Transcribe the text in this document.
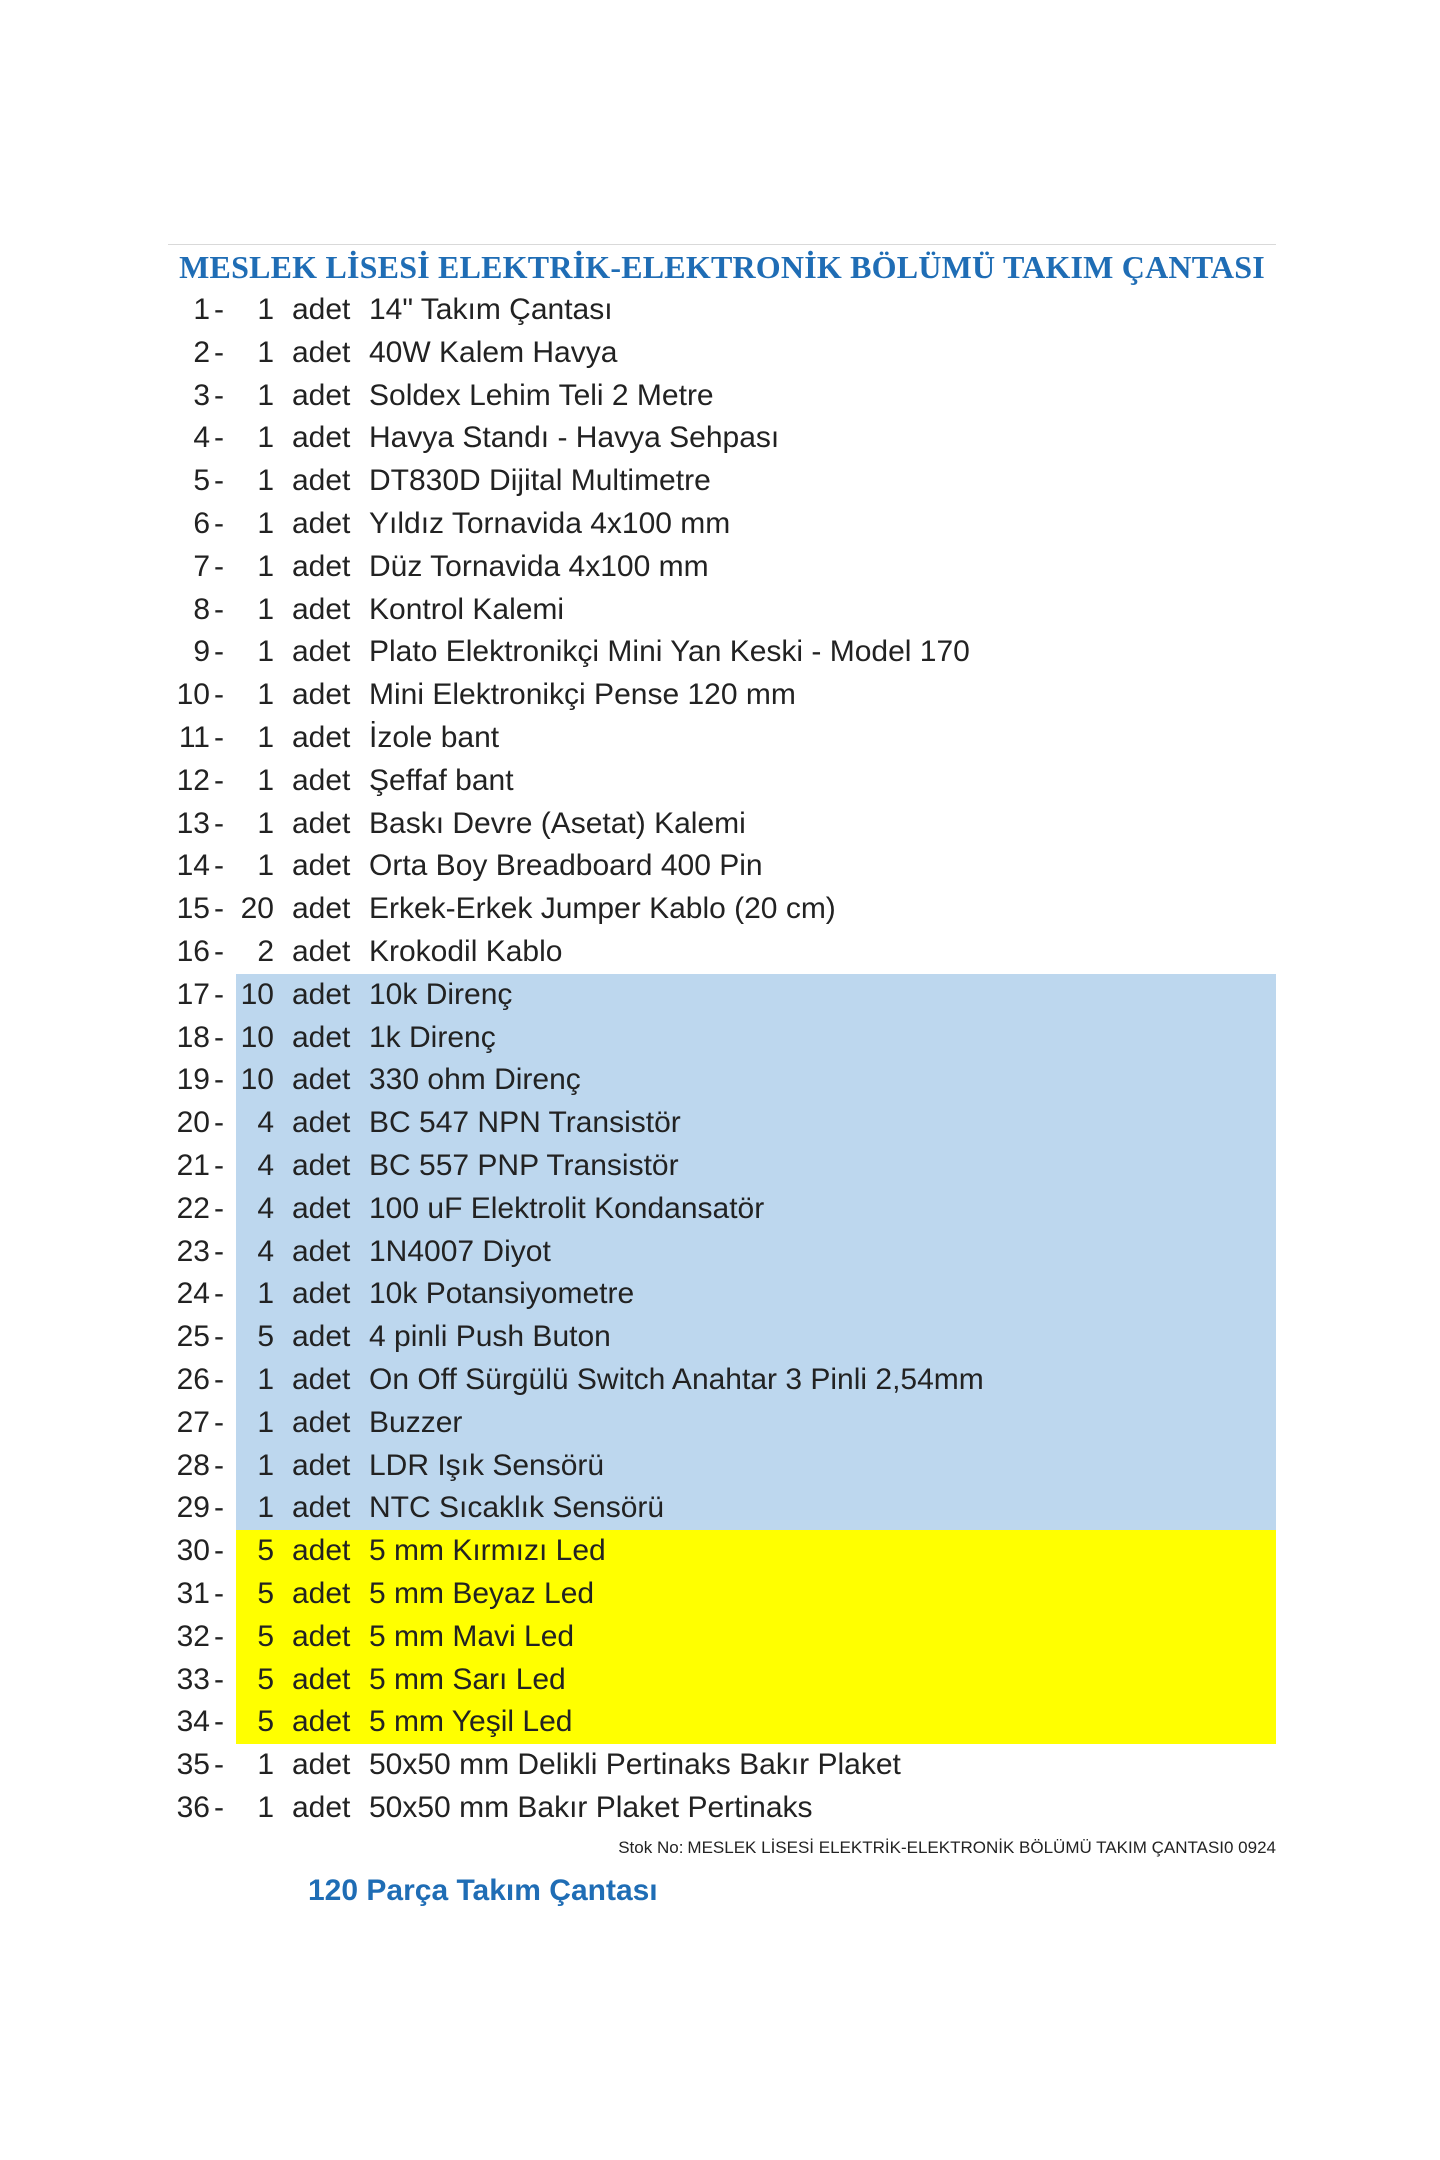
MESLEK LİSESİ ELEKTRİK-ELEKTRONİK BÖLÜMÜ TAKIM ÇANTASI
1 -	1 adet 14" Takım Çantası
2 -	1 adet 40W Kalem Havya
3 -	1 adet Soldex Lehim Teli 2 Metre
4 -	1 adet Havya Standı - Havya Sehpası
5 -	1 adet DT830D Dijital Multimetre
6 -	1 adet Yıldız Tornavida 4x100 mm
7 -	1 adet Düz Tornavida 4x100 mm
8 -	1 adet Kontrol Kalemi
9 -	1 adet Plato Elektronikçi Mini Yan Keski - Model 170
10 -	1 adet Mini Elektronikçi Pense 120 mm
11 -	1 adet İzole bant
12 -	1 adet Şeffaf bant
13 -	1 adet Baskı Devre (Asetat) Kalemi
14 -	1 adet Orta Boy Breadboard 400 Pin
15 - 20 adet Erkek-Erkek Jumper Kablo (20 cm)
16 -	2 adet Krokodil Kablo
17 - 10 adet 10k Direnç
18 - 10 adet 1k Direnç
19 - 10 adet 330 ohm Direnç
20 -	4 adet BC 547 NPN Transistör
21 -	4 adet BC 557 PNP Transistör
22 -	4 adet 100 uF Elektrolit Kondansatör
23 -	4 adet 1N4007 Diyot
24 -	1 adet 10k Potansiyometre
25 -	5 adet 4 pinli Push Buton
26 -	1 adet On Off Sürgülü Switch Anahtar 3 Pinli 2,54mm
27 -	1 adet Buzzer
28 -	1 adet LDR Işık Sensörü
29 -	1 adet NTC Sıcaklık Sensörü
30 -	5 adet 5 mm Kırmızı Led
31 -	5 adet 5 mm Beyaz Led
32 -	5 adet 5 mm Mavi Led
33 -	5 adet 5 mm Sarı Led
34 -	5 adet 5 mm Yeşil Led
35 -	1 adet 50x50 mm Delikli Pertinaks Bakır Plaket
36 -	1 adet 50x50 mm Bakır Plaket Pertinaks
Stok No: MESLEK LİSESİ ELEKTRİK-ELEKTRONİK BÖLÜMÜ TAKIM ÇANTASI0 0924
120 Parça Takım Çantası
